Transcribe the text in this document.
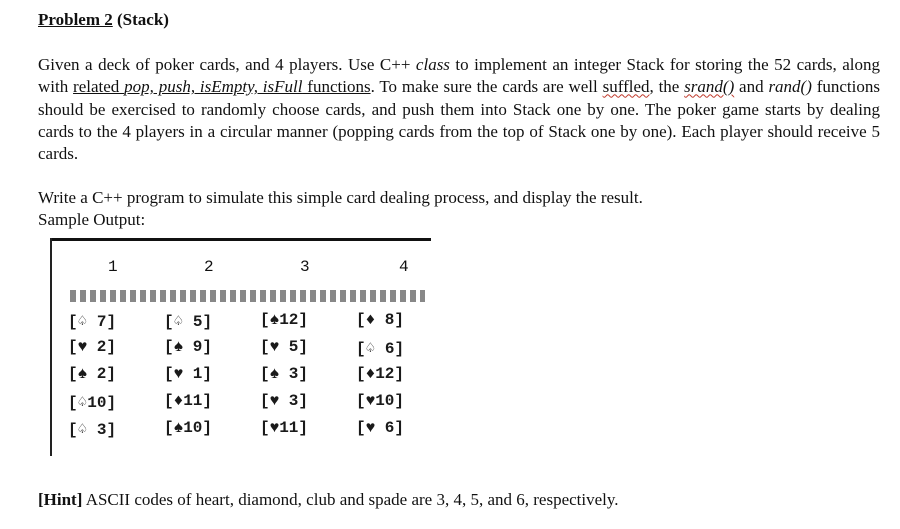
Problem 2 (Stack)
Given a deck of poker cards, and 4 players. Use C++ class to implement an integer Stack for storing the 52 cards, along with related pop, push, isEmpty, isFull functions. To make sure the cards are well suffled, the srand() and rand() functions should be exercised to randomly choose cards, and push them into Stack one by one. The poker game starts by dealing cards to the 4 players in a circular manner (popping cards from the top of Stack one by one). Each player should receive 5 cards.
Write a C++ program to simulate this simple card dealing process, and display the result.
Sample Output:
1	2	3	4
[♤ 7]	[♤ 5]	[♠12]	[♦ 8]
[♥ 2]	[♠ 9]	[♥ 5]	[♤ 6]
[♠ 2]	[♥ 1]	[♠ 3]	[♦12]
[♤10]	[♦11]	[♥ 3]	[♥10]
[♤ 3]	[♠10]	[♥11]	[♥ 6]
[Hint] ASCII codes of heart, diamond, club and spade are 3, 4, 5, and 6, respectively.
